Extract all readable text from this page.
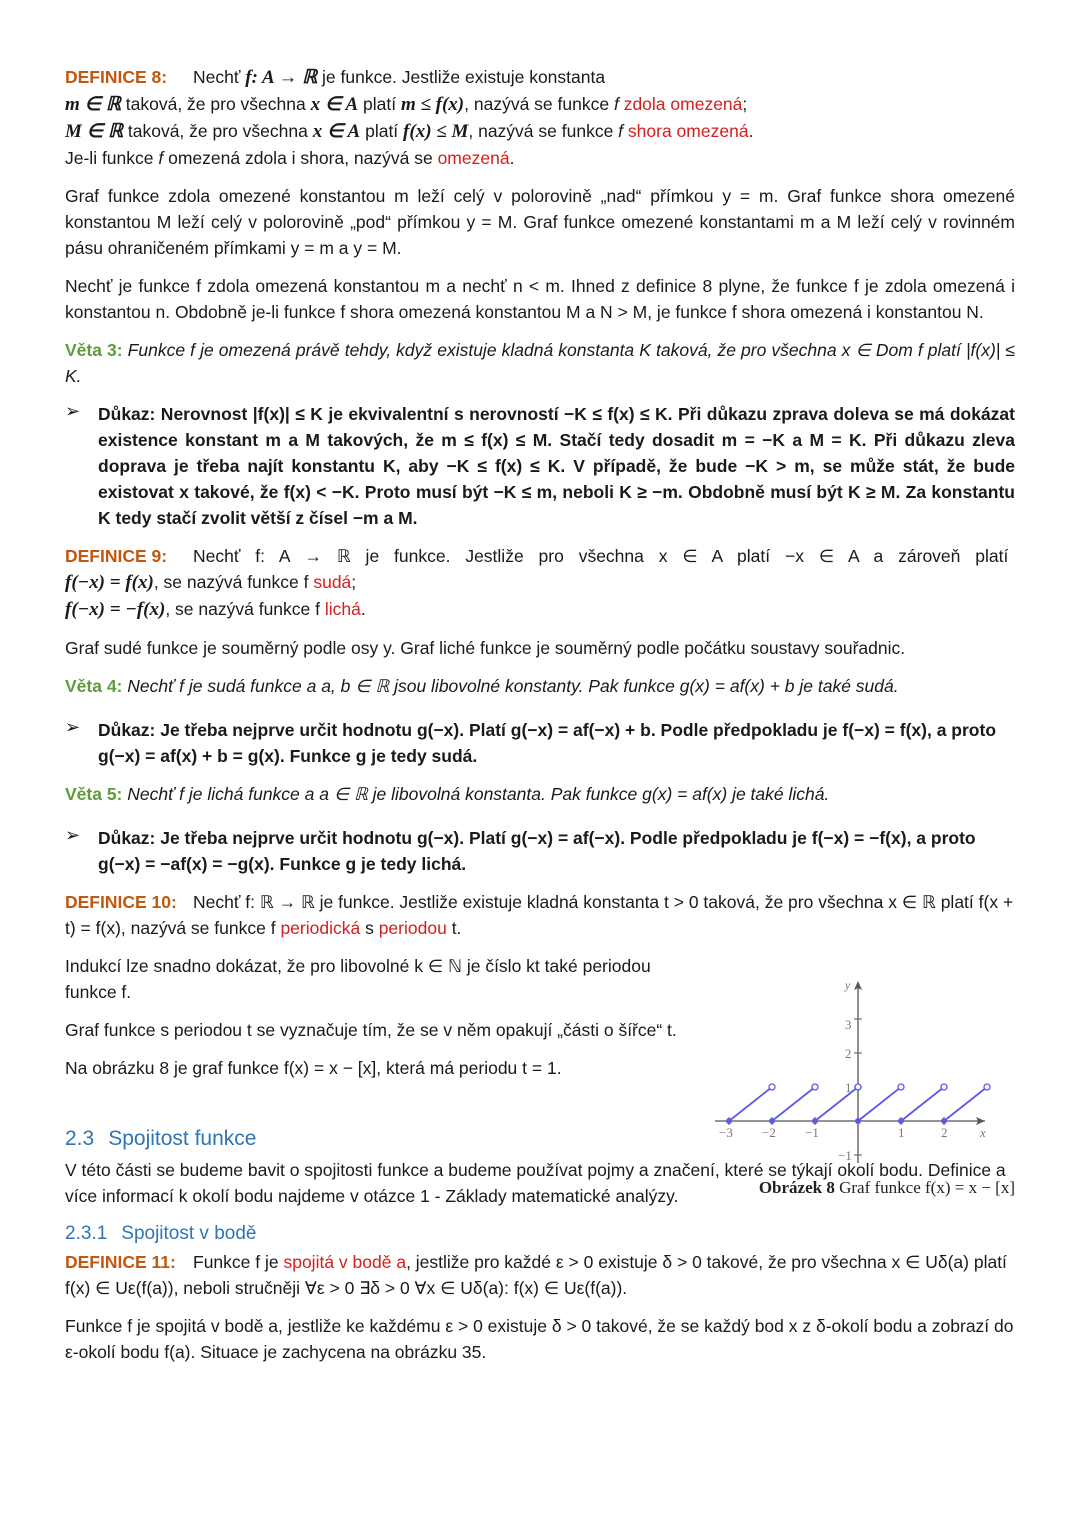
DEFINICE 8: Nechť f: A → ℝ je funkce. Jestliže existuje konstanta

m ∈ ℝ taková, že pro všechna x ∈ A platí m ≤ f(x), nazývá se funkce f zdola omezená;

M ∈ ℝ taková, že pro všechna x ∈ A platí f(x) ≤ M, nazývá se funkce f shora omezená.

Je-li funkce f omezená zdola i shora, nazývá se omezená.

Graf funkce zdola omezené konstantou m leží celý v polorovině „nad“ přímkou y = m. Graf funkce shora omezené konstantou M leží celý v polorovině „pod“ přímkou y = M. Graf funkce omezené konstantami m a M leží celý v rovinném pásu ohraničeném přímkami y = m a y = M.

Nechť je funkce f zdola omezená konstantou m a nechť n < m. Ihned z definice 8 plyne, že funkce f je zdola omezená i konstantou n. Obdobně je-li funkce f shora omezená konstantou M a N > M, je funkce f shora omezená i konstantou N.

Věta 3: Funkce f je omezená právě tehdy, když existuje kladná konstanta K taková, že pro všechna x ∈ Dom f platí |f(x)| ≤ K.

➢ Důkaz: Nerovnost |f(x)| ≤ K je ekvivalentní s nerovností −K ≤ f(x) ≤ K. Při důkazu zprava doleva se má dokázat existence konstant m a M takových, že m ≤ f(x) ≤ M. Stačí tedy dosadit m = −K a M = K. Při důkazu zleva doprava je třeba najít konstantu K, aby −K ≤ f(x) ≤ K. V případě, že bude −K > m, se může stát, že bude existovat x takové, že f(x) < −K. Proto musí být −K ≤ m, neboli K ≥ −m. Obdobně musí být K ≥ M. Za konstantu K tedy stačí zvolit větší z čísel −m a M.

DEFINICE 9: Nechť f: A → ℝ je funkce. Jestliže pro všechna x ∈ A platí −x ∈ A a zároveň platí

f(−x) = f(x), se nazývá funkce f sudá;

f(−x) = −f(x), se nazývá funkce f lichá.

Graf sudé funkce je souměrný podle osy y. Graf liché funkce je souměrný podle počátku soustavy souřadnic.

Věta 4: Nechť f je sudá funkce a a, b ∈ ℝ jsou libovolné konstanty. Pak funkce g(x) = af(x) + b je také sudá.

➢ Důkaz: Je třeba nejprve určit hodnotu g(−x). Platí g(−x) = af(−x) + b. Podle předpokladu je f(−x) = f(x), a proto g(−x) = af(x) + b = g(x). Funkce g je tedy sudá.

Věta 5: Nechť f je lichá funkce a a ∈ ℝ je libovolná konstanta. Pak funkce g(x) = af(x) je také lichá.

➢ Důkaz: Je třeba nejprve určit hodnotu g(−x). Platí g(−x) = af(−x). Podle předpokladu je f(−x) = −f(x), a proto g(−x) = −af(x) = −g(x). Funkce g je tedy lichá.

DEFINICE 10: Nechť f: ℝ → ℝ je funkce. Jestliže existuje kladná konstanta t > 0 taková, že pro všechna x ∈ ℝ platí f(x + t) = f(x), nazývá se funkce f periodická s periodou t.

Indukcí lze snadno dokázat, že pro libovolné k ∈ ℕ je číslo kt také periodou funkce f.

Graf funkce s periodou t se vyznačuje tím, že se v něm opakují „části o šířce“ t.

Na obrázku 8 je graf funkce f(x) = x − [x], která má periodu t = 1.

2.3 Spojitost funkce

V této části se budeme bavit o spojitosti funkce a budeme používat pojmy a značení, které se týkají okolí bodu. Definice a více informací k okolí bodu najdeme v otázce 1 - Základy matematické analýzy.

2.3.1 Spojitost v bodě

DEFINICE 11: Funkce f je spojitá v bodě a, jestliže pro každé ε > 0 existuje δ > 0 takové, že pro všechna x ∈ Uδ(a) platí f(x) ∈ Uε(f(a)), neboli stručněji ∀ε > 0 ∃δ > 0 ∀x ∈ Uδ(a): f(x) ∈ Uε(f(a)).

Funkce f je spojitá v bodě a, jestliže ke každému ε > 0 existuje δ > 0 takové, že se každý bod x z δ-okolí bodu a zobrazí do ε-okolí bodu f(a). Situace je zachycena na obrázku 35.

x
y
−3 −2 −1	1	2
3
2
1
−1
Obrázek 8 Graf funkce f(x) = x − [x]
